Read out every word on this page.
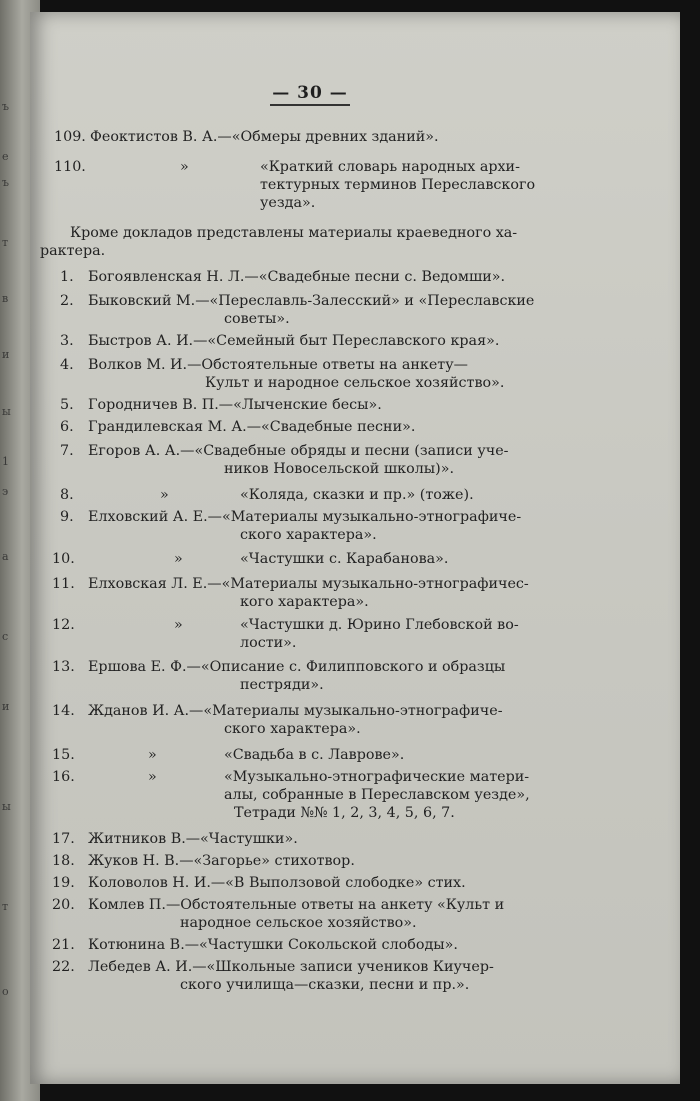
ъ
е
ъ
т
в
и
ы
1
э
а
с
и
ы
т
о
— 30 —
109. Феоктистов В. А.—«Обмеры древних зданий».
110.	»	«Краткий словарь народных архи-
тектурных терминов Переславского
уезда».
Кроме докладов представлены материалы краеведного ха-
рактера.
1. Богоявленская Н. Л.—«Свадебные песни с. Ведомши».
2. Быковский М.—«Переславль-Залесский» и «Переславские
советы».
3. Быстров А. И.—«Семейный быт Переславского края».
4. Волков М. И.—Обстоятельные ответы на анкету—
Культ и народное сельское хозяйство».
5. Городничев В. П.—«Лыченские бесы».
6. Грандилевская М. А.—«Свадебные песни».
7. Егоров А. А.—«Свадебные обряды и песни (записи уче-
ников Новосельской школы)».
8.	»	«Коляда, сказки и пр.» (тоже).
9. Елховский А. Е.—«Материалы музыкально-этнографиче-
ского характера».
10.	»	«Частушки с. Карабанова».
11. Елховская Л. Е.—«Материалы музыкально-этнографичес-
кого характера».
12.	»	«Частушки д. Юрино Глебовской во-
лости».
13. Ершова Е. Ф.—«Описание с. Филипповского и образцы
пестряди».
14. Жданов И. А.—«Материалы музыкально-этнографиче-
ского характера».
15.	»	«Свадьба в с. Лаврове».
16.	»	«Музыкально-этнографические матери-
алы, собранные в Переславском уезде»,
Тетради №№ 1, 2, 3, 4, 5, 6, 7.
17. Житников В.—«Частушки».
18. Жуков Н. В.—«Загорье» стихотвор.
19. Коловолов Н. И.—«В Выползовой слободке» стих.
20. Комлев П.—Обстоятельные ответы на анкету «Культ и
народное сельское хозяйство».
21. Котюнина В.—«Частушки Сокольской слободы».
22. Лебедев А. И.—«Школьные записи учеников Киучер-
ского училища—сказки, песни и пр.».
